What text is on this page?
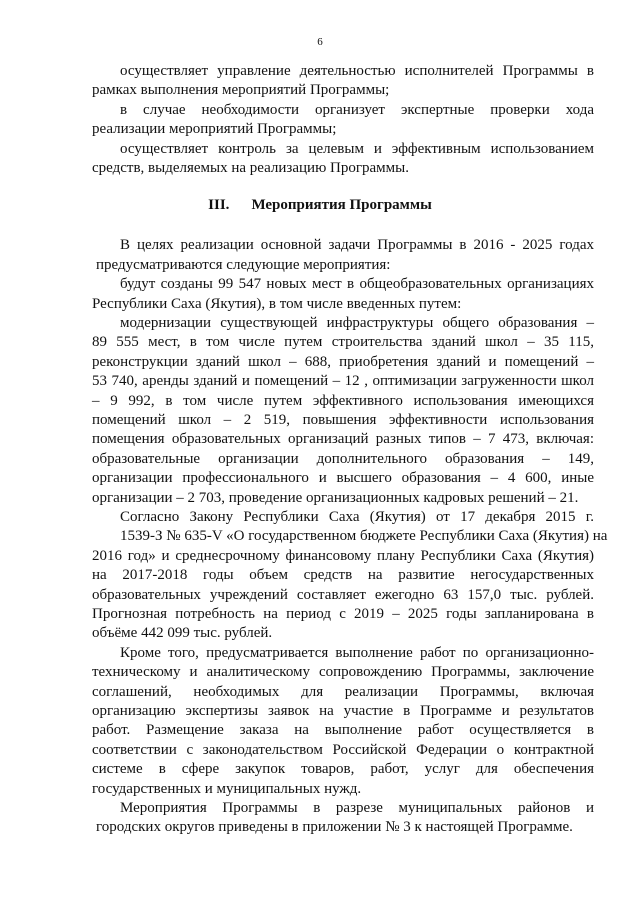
6
осуществляет управление деятельностью исполнителей Программы в
рамках выполнения мероприятий Программы;
в случае необходимости организует экспертные проверки хода
реализации мероприятий Программы;
осуществляет контроль за целевым и эффективным использованием
средств, выделяемых на реализацию Программы.
III. Мероприятия Программы
В целях реализации основной задачи Программы в 2016 - 2025 годах
предусматриваются следующие мероприятия:
будут созданы 99 547 новых мест в общеобразовательных организациях
Республики Саха (Якутия), в том числе введенных путем:
модернизации существующей инфраструктуры общего образования –
89 555 мест, в том числе путем строительства зданий школ – 35 115,
реконструкции зданий школ – 688, приобретения зданий и помещений –
53 740, аренды зданий и помещений – 12 , оптимизации загруженности школ
– 9 992, в том числе путем эффективного использования имеющихся
помещений школ – 2 519, повышения эффективности использования
помещения образовательных организаций разных типов – 7 473, включая:
образовательные организации дополнительного образования – 149,
организации профессионального и высшего образования – 4 600, иные
организации – 2 703, проведение организационных кадровых решений – 21.
Согласно Закону Республики Саха (Якутия) от 17 декабря 2015 г.
1539-З № 635-V «О государственном бюджете Республики Саха (Якутия) на
2016 год» и среднесрочному финансовому плану Республики Саха (Якутия)
на 2017-2018 годы объем средств на развитие негосударственных
образовательных учреждений составляет ежегодно 63 157,0 тыс. рублей.
Прогнозная потребность на период с 2019 – 2025 годы запланирована в
объёме 442 099 тыс. рублей.
Кроме того, предусматривается выполнение работ по организационно-
техническому и аналитическому сопровождению Программы, заключение
соглашений, необходимых для реализации Программы, включая
организацию экспертизы заявок на участие в Программе и результатов
работ. Размещение заказа на выполнение работ осуществляется в
соответствии с законодательством Российской Федерации о контрактной
системе в сфере закупок товаров, работ, услуг для обеспечения
государственных и муниципальных нужд.
Мероприятия Программы в разрезе муниципальных районов и
городских округов приведены в приложении № 3 к настоящей Программе.
